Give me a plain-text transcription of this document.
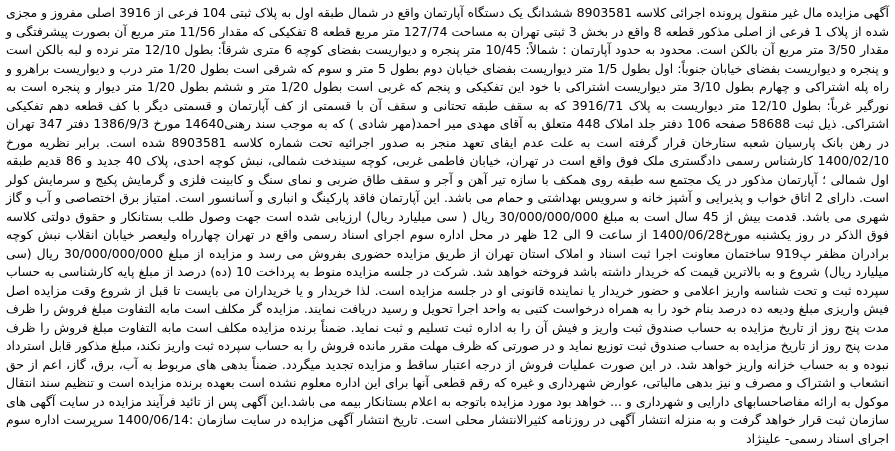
آگهی مزایده مال غیر منقول پرونده اجرائی کلاسه 8903581 ششدانگ یک دستگاه آپارتمان واقع در شمال طبقه اول به پلاک ثبتی 104 فرعی از 3916 اصلی مفروز و مجزی شده از پلاک 1 فرعی از اصلی مذکور قطعه 8 واقع در بخش 3 ثبتی تهران به مساحت 127/74 متر مربع قطعه 8 تفکیکی که مقدار 11/56 متر مربع آن بصورت پیشرفتگی و مقدار 3/50 متر مربع آن بالکن است. محدود به حدود آپارتمان : شمالاً: 10/45 متر پنجره و دیواریست بفضای کوچه 6 متری شرقاً: بطول 12/10 متر نرده و لبه بالکن است و پنجره و دیواریست بفضای خیابان جنوباً: اول بطول 1/5 متر دیواریست بفضای خیابان دوم بطول 5 متر و سوم که شرقی است بطول 1/20 متر درب و دیواریست براهرو و راه پله اشتراکی و چهارم بطول 3/10 متر دیواریست اشتراکی با خود این تفکیکی و پنجم که غربی است بطول 1/20 متر و ششم بطول 1/20 متر دیوار و پنجره است به نورگیر غرباً: بطول 12/10 متر دیواریست به پلاک 3916/71 که به سقف طبقه تحتانی و سقف آن با قسمتی از کف آپارتمان و قسمتی دیگر با کف قطعه دهم تفکیکی اشتراکی. ذیل ثبت 58688 صفحه 106 دفتر جلد املاک 448 متعلق به آقای مهدی میر احمد(مهر شادی ) که به موجب سند رهنی14640 مورخ 1386/9/3 دفتر 347 تهران در رهن بانک پارسیان شعبه ستارخان قرار گرفته است به علت عدم ایفای تعهد منجر به صدور اجرائیه تحت شماره کلاسه 8903581 شده است. برابر نظریه مورخ 1400/02/10 کارشناس رسمی دادگستری ملک فوق واقع است در تهران، خیابان فاطمی غربی، کوچه سیندخت شمالی، نبش کوچه احدی، پلاک 40 جدید و 86 قدیم طبقه اول شمالی ؛ آپارتمان مذکور در یک مجتمع سه طبقه روی همکف با سازه تیر آهن و آجر و سقف طاق ضربی و نمای سنگ و کابینت فلزی و گرمایش پکیج و سرمایش کولر است. دارای 2 اتاق خواب و پذیرایی و آشپز خانه و سرویس بهداشتی و حمام می باشد. این آپارتمان فاقد پارکینگ و انباری و آسانسور است. امتیاز برق اختصاصی و آب و گاز شهری می باشد. قدمت بیش از 45 سال است به مبلغ 30/000/000/000 ریال ( سی میلیارد ریال) ارزیابی شده است جهت وصول طلب بستانکار و حقوق دولتی کلاسه فوق الذکر در روز یکشنبه مورخ1400/06/28 از ساعت 9 الی 12 ظهر در محل اداره سوم اجرای اسناد رسمی واقع در تهران چهارراه ولیعصر خیابان انقلاب نبش کوچه برادران مظفر پ919 ساختمان معاونت اجرا ثبت اسناد و املاک استان تهران از طریق مزایده حضوری بفروش می رسد و مزایده از مبلغ 30/000/000/000 ریال (سی میلیارد ریال) شروع و به بالاترین قیمت که خریدار داشته باشد فروخته خواهد شد. شرکت در جلسه مزایده منوط به پرداخت 10 (ده) درصد از مبلغ پایه کارشناسی به حساب سپرده ثبت و تحت شناسه واریز اعلامی و حضور خریدار یا نماینده قانونی او در جلسه مزایده است. لذا خریدار و یا خریداران می بایست تا قبل از شروع وقت مزایده اصل فیش واریزی مبلغ ودیعه ده درصد بنام خود را به همراه درخواست کتبی به واحد اجرا تحویل و رسید دریافت نمایند. مزایده گر مکلف است مابه التفاوت مبلغ فروش را ظرف مدت پنج روز از تاریخ مزایده به حساب صندوق ثبت واریز و فیش آن را به اداره ثبت تسلیم و ثبت نماید. ضمناً برنده مزایده مکلف است مابه التفاوت مبلغ فروش را ظرف مدت پنج روز از تاریخ مزایده به حساب صندوق ثبت توزیع نماید و در صورتی که ظرف مهلت مقرر مانده فروش را به حساب سپرده ثبت واریز نکند، مبلغ مذکور قابل استرداد نبوده و به حساب خزانه واریز خواهد شد. در این صورت عملیات فروش از درجه اعتبار ساقط و مزایده تجدید میگردد. ضمناً بدهی های مربوط به آب، برق، گاز، اعم از حق انشعاب و اشتراک و مصرف و نیز بدهی مالیاتی، عوارض شهرداری و غیره که رقم قطعی آنها برای این اداره معلوم نشده است بعهده برنده مزایده است و تنظیم سند انتقال موکول به ارائه مفاصاحسابهای دارایی و شهرداری و ... خواهد بود مورد مزایده باتوجه به اعلام بستانکار بیمه می باشد.این آگهی پس از تائید فرآیند مزایده در سایت آگهی های سازمان ثبت قرار خواهد گرفت و به منزله انتشار آگهی در روزنامه کثیرالانتشار محلی است. تاریخ انتشار آگهی مزایده در سایت سازمان :1400/06/14 سرپرست اداره سوم اجرای اسناد رسمی- علینژاد
